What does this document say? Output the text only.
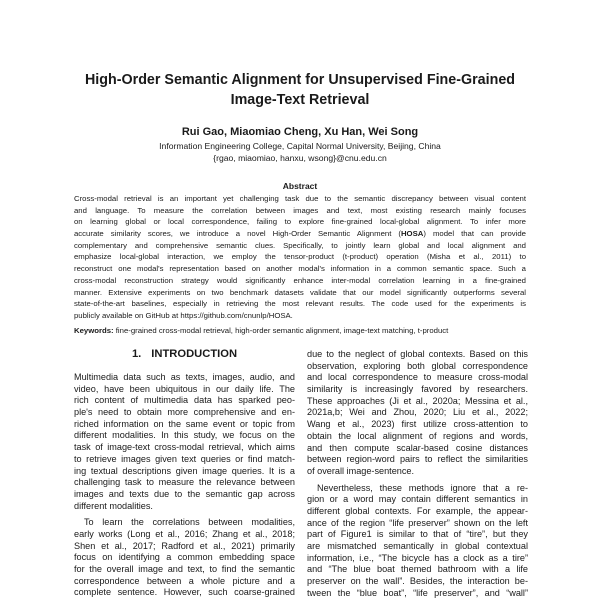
High-Order Semantic Alignment for Unsupervised Fine-Grained
Image-Text Retrieval
Rui Gao, Miaomiao Cheng, Xu Han, Wei Song
Information Engineering College, Capital Normal University, Beijing, China
{rgao, miaomiao, hanxu, wsong}@cnu.edu.cn
Abstract
Cross-modal retrieval is an important yet challenging task due to the semantic discrepancy between visual content
and language. To measure the correlation between images and text, most existing research mainly focuses
on learning global or local correspondence, failing to explore fine-grained local-global alignment. To infer more
accurate similarity scores, we introduce a novel High-Order Semantic Alignment (HOSA) model that can provide
complementary and comprehensive semantic clues. Specifically, to jointly learn global and local alignment and
emphasize local-global interaction, we employ the tensor-product (t-product) operation (Misha et al., 2011) to
reconstruct one modal's representation based on another modal's information in a common semantic space. Such a
cross-modal reconstruction strategy would significantly enhance inter-modal correlation learning in a fine-grained
manner. Extensive experiments on two benchmark datasets validate that our model significantly outperforms several
state-of-the-art baselines, especially in retrieving the most relevant results. The code used for the experiments is
publicly available on GitHub at https://github.com/cnunlp/HOSA.
Keywords: fine-grained cross-modal retrieval, high-order semantic alignment, image-text matching, t-product
1. INTRODUCTION
Multimedia data such as texts, images, audio, and
video, have been ubiquitous in our daily life. The
rich content of multimedia data has sparked peo-
ple's need to obtain more comprehensive and en-
riched information on the same event or topic from
different modalities. In this study, we focus on the
task of image-text cross-modal retrieval, which aims
to retrieve images given text queries or find match-
ing textual descriptions given image queries. It is a
challenging task to measure the relevance between
images and texts due to the semantic gap across
different modalities.
To learn the correlations between modalities,
early works (Long et al., 2016; Zhang et al., 2018;
Shen et al., 2017; Radford et al., 2021) primarily
focus on identifying a common embedding space
for the overall image and text, to find the semantic
correspondence between a whole picture and a
complete sentence. However, such coarse-grained
due to the neglect of global contexts. Based on this
observation, exploring both global correspondence
and local correspondence to measure cross-modal
similarity is increasingly favored by researchers.
These approaches (Ji et al., 2020a; Messina et al.,
2021a,b; Wei and Zhou, 2020; Liu et al., 2022;
Wang et al., 2023) first utilize cross-attention to
obtain the local alignment of regions and words,
and then compute scalar-based cosine distances
between region-word pairs to reflect the similarities
of overall image-sentence.
Nevertheless, these methods ignore that a re-
gion or a word may contain different semantics in
different global contexts. For example, the appear-
ance of the region “life preserver” shown on the left
part of Figure1 is similar to that of “tire”, but they
are mismatched semantically in global contextual
information, i.e., “The bicycle has a clock as a tire”
and “The blue boat themed bathroom with a life
preserver on the wall”. Besides, the interaction be-
tween the “blue boat”, “life preserver”, and “wall”
